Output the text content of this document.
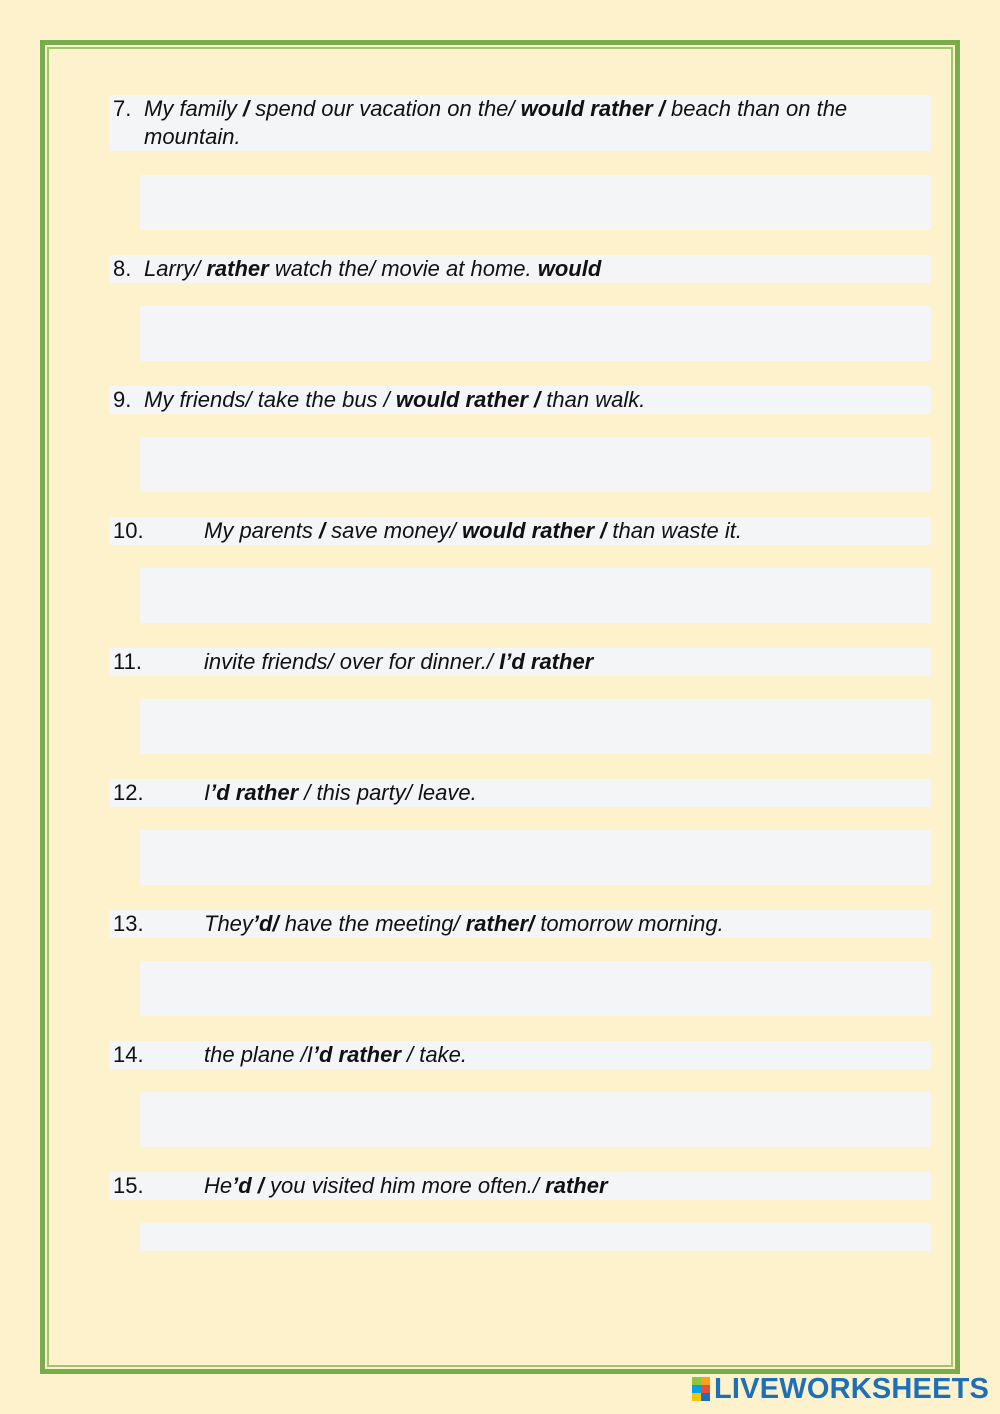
7. My family / spend our vacation on the/ would rather / beach than on the mountain.
8. Larry/ rather watch the/ movie at home. would
9. My friends/ take the bus / would rather / than walk.
10.	My parents / save money/ would rather / than waste it.
11.	invite friends/ over for dinner./ I’d rather
12.	I’d rather / this party/ leave.
13.	They’d/ have the meeting/ rather/ tomorrow morning.
14.	the plane /I’d rather / take.
15.	He’d / you visited him more often./ rather
LIVEWORKSHEETS
